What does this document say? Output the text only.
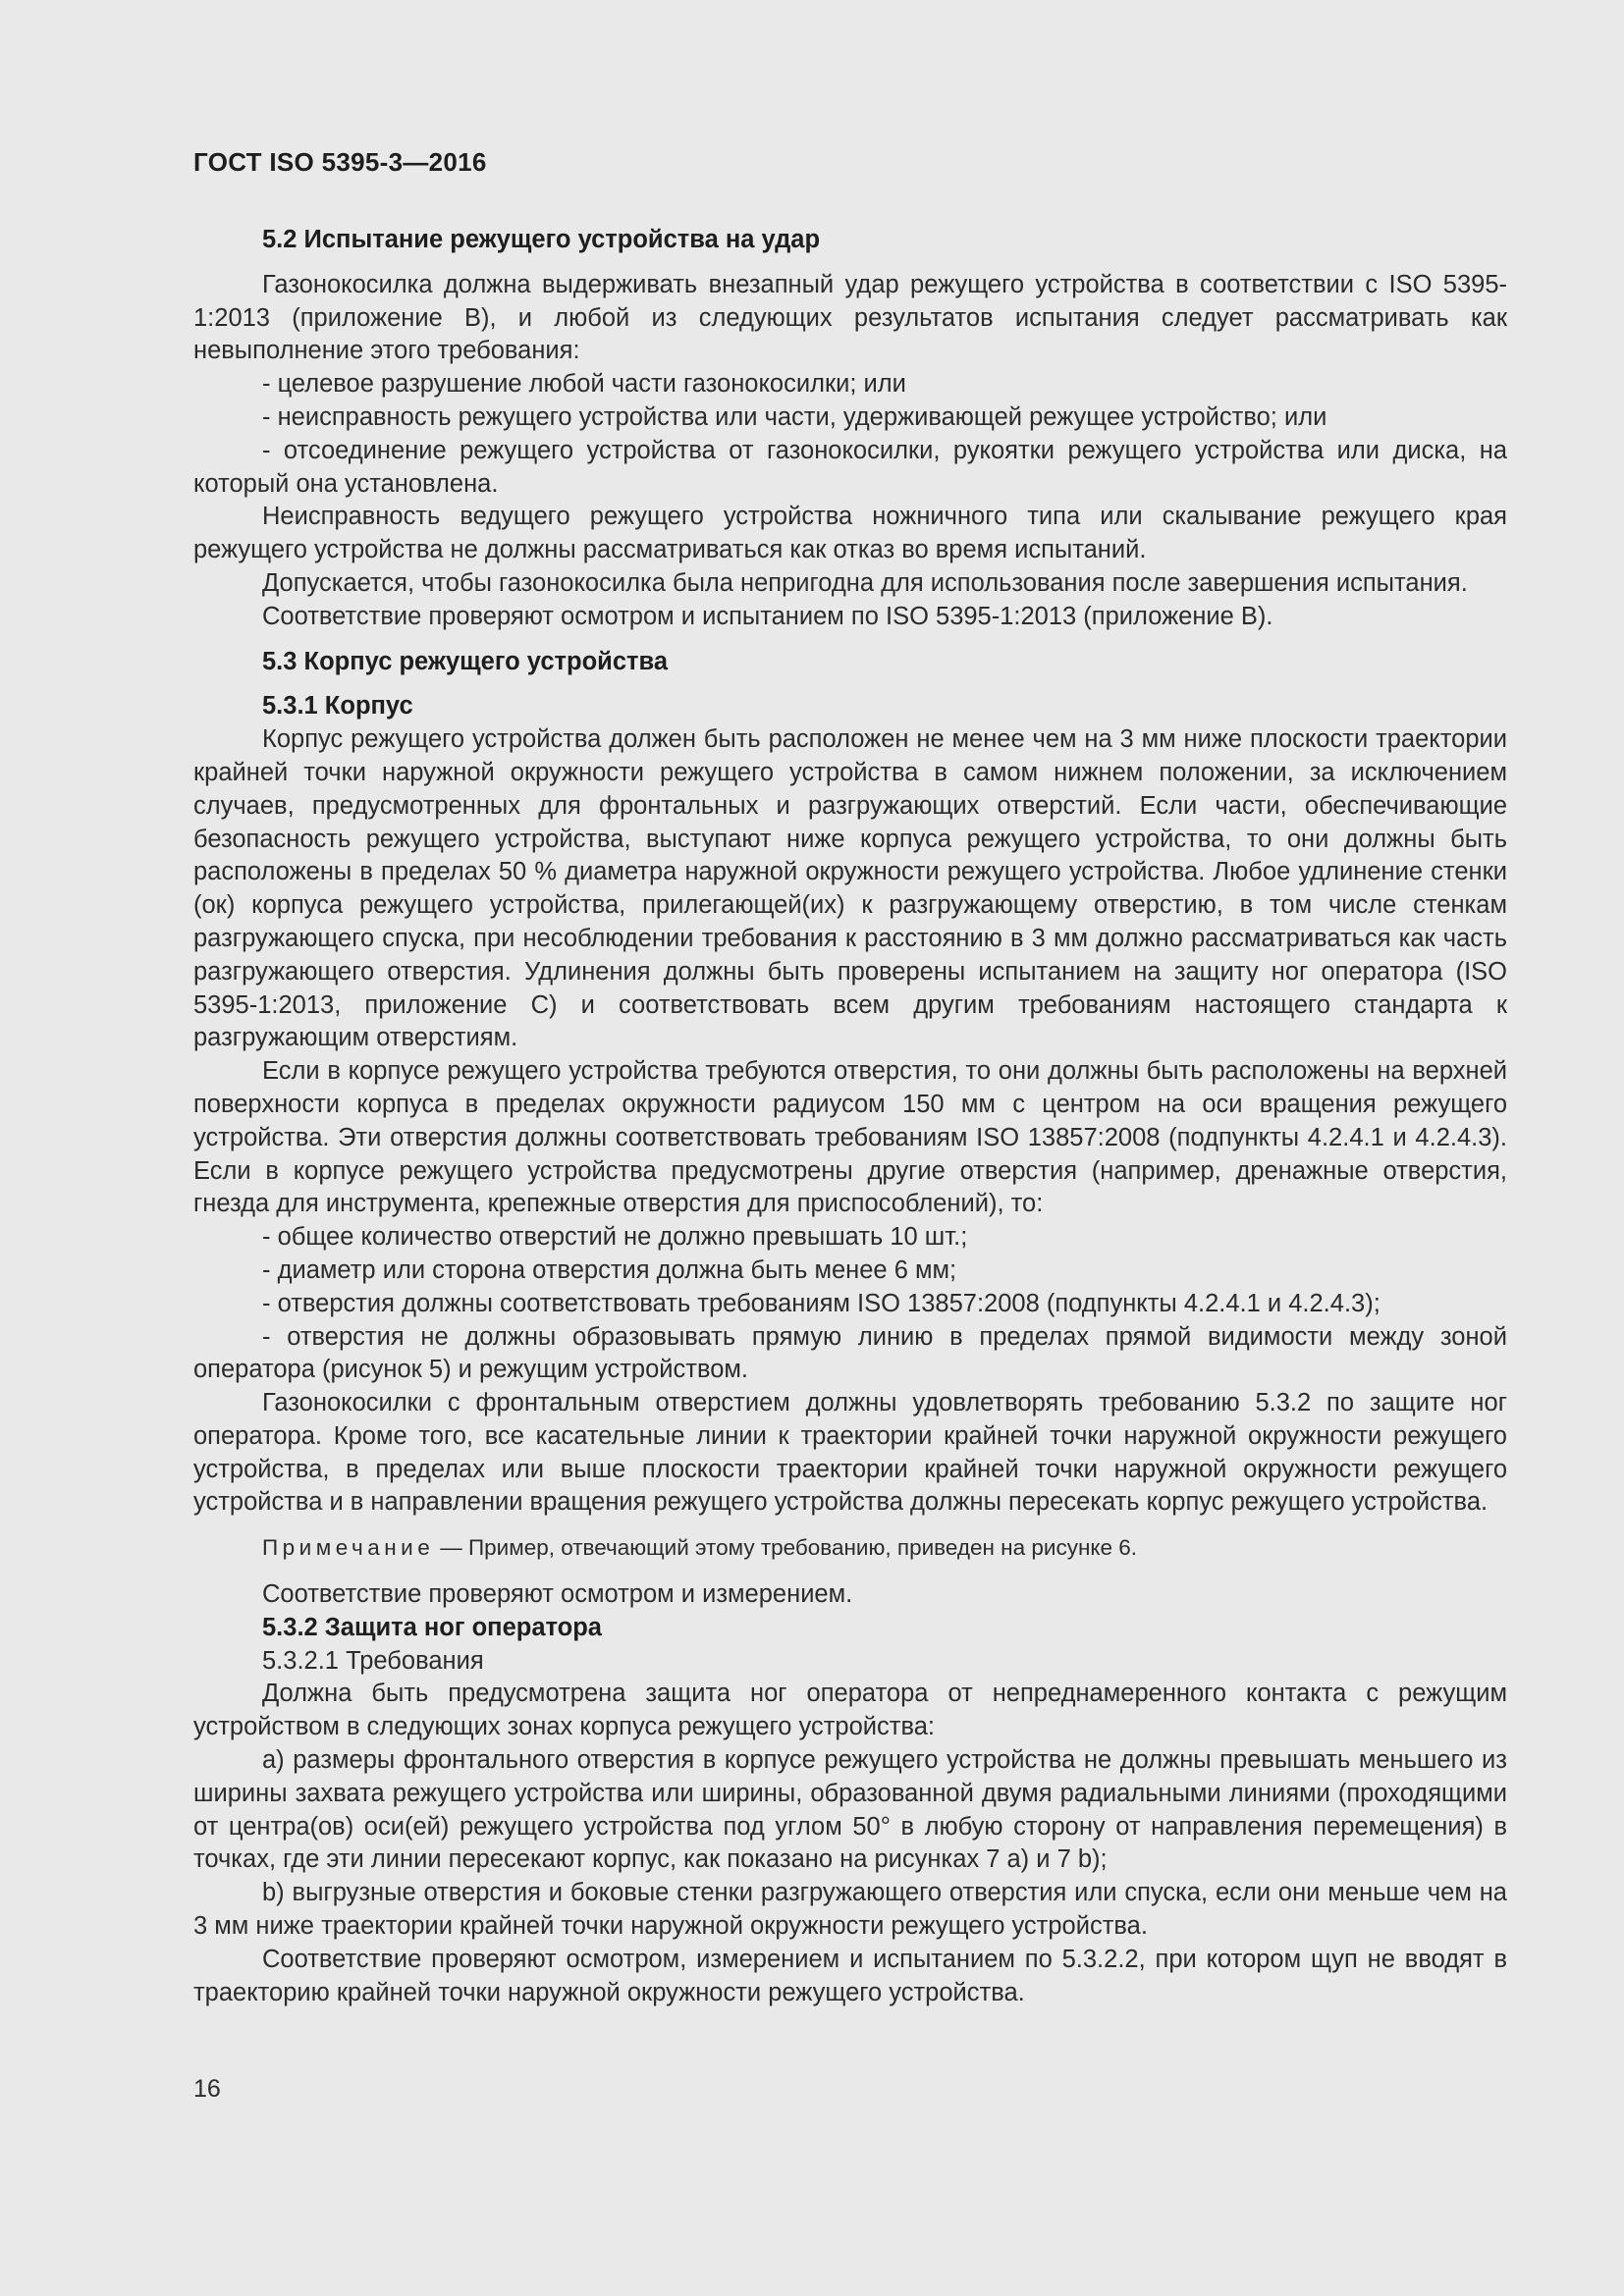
ГОСТ ISO 5395-3—2016

5.2 Испытание режущего устройства на удар

Газонокосилка должна выдерживать внезапный удар режущего устройства в соответствии с ISO 5395-1:2013 (приложение В), и любой из следующих результатов испытания следует рассматривать как невыполнение этого требования:

- целевое разрушение любой части газонокосилки; или

- неисправность режущего устройства или части, удерживающей режущее устройство; или

- отсоединение режущего устройства от газонокосилки, рукоятки режущего устройства или диска, на который она установлена.

Неисправность ведущего режущего устройства ножничного типа или скалывание режущего края режущего устройства не должны рассматриваться как отказ во время испытаний.

Допускается, чтобы газонокосилка была непригодна для использования после завершения испытания.

Соответствие проверяют осмотром и испытанием по ISO 5395-1:2013 (приложение В).

5.3 Корпус режущего устройства

5.3.1 Корпус

Корпус режущего устройства должен быть расположен не менее чем на 3 мм ниже плоскости траектории крайней точки наружной окружности режущего устройства в самом нижнем положении, за исключением случаев, предусмотренных для фронтальных и разгружающих отверстий. Если части, обеспечивающие безопасность режущего устройства, выступают ниже корпуса режущего устройства, то они должны быть расположены в пределах 50 % диаметра наружной окружности режущего устройства. Любое удлинение стенки (ок) корпуса режущего устройства, прилегающей(их) к разгружающему отверстию, в том числе стенкам разгружающего спуска, при несоблюдении требования к расстоянию в 3 мм должно рассматриваться как часть разгружающего отверстия. Удлинения должны быть проверены испытанием на защиту ног оператора (ISO 5395-1:2013, приложение С) и соответствовать всем другим требованиям настоящего стандарта к разгружающим отверстиям.

Если в корпусе режущего устройства требуются отверстия, то они должны быть расположены на верхней поверхности корпуса в пределах окружности радиусом 150 мм с центром на оси вращения режущего устройства. Эти отверстия должны соответствовать требованиям ISO 13857:2008 (подпункты 4.2.4.1 и 4.2.4.3). Если в корпусе режущего устройства предусмотрены другие отверстия (например, дренажные отверстия, гнезда для инструмента, крепежные отверстия для приспособлений), то:

- общее количество отверстий не должно превышать 10 шт.;

- диаметр или сторона отверстия должна быть менее 6 мм;

- отверстия должны соответствовать требованиям ISO 13857:2008 (подпункты 4.2.4.1 и 4.2.4.3);

- отверстия не должны образовывать прямую линию в пределах прямой видимости между зоной оператора (рисунок 5) и режущим устройством.

Газонокосилки с фронтальным отверстием должны удовлетворять требованию 5.3.2 по защите ног оператора. Кроме того, все касательные линии к траектории крайней точки наружной окружности режущего устройства, в пределах или выше плоскости траектории крайней точки наружной окружности режущего устройства и в направлении вращения режущего устройства должны пересекать корпус режущего устройства.

Примечание — Пример, отвечающий этому требованию, приведен на рисунке 6.

Соответствие проверяют осмотром и измерением.

5.3.2 Защита ног оператора

5.3.2.1 Требования

Должна быть предусмотрена защита ног оператора от непреднамеренного контакта с режущим устройством в следующих зонах корпуса режущего устройства:

a) размеры фронтального отверстия в корпусе режущего устройства не должны превышать меньшего из ширины захвата режущего устройства или ширины, образованной двумя радиальными линиями (проходящими от центра(ов) оси(ей) режущего устройства под углом 50° в любую сторону от направления перемещения) в точках, где эти линии пересекают корпус, как показано на рисунках 7 а) и 7 b);

b) выгрузные отверстия и боковые стенки разгружающего отверстия или спуска, если они меньше чем на 3 мм ниже траектории крайней точки наружной окружности режущего устройства.

Соответствие проверяют осмотром, измерением и испытанием по 5.3.2.2, при котором щуп не вводят в траекторию крайней точки наружной окружности режущего устройства.

16
